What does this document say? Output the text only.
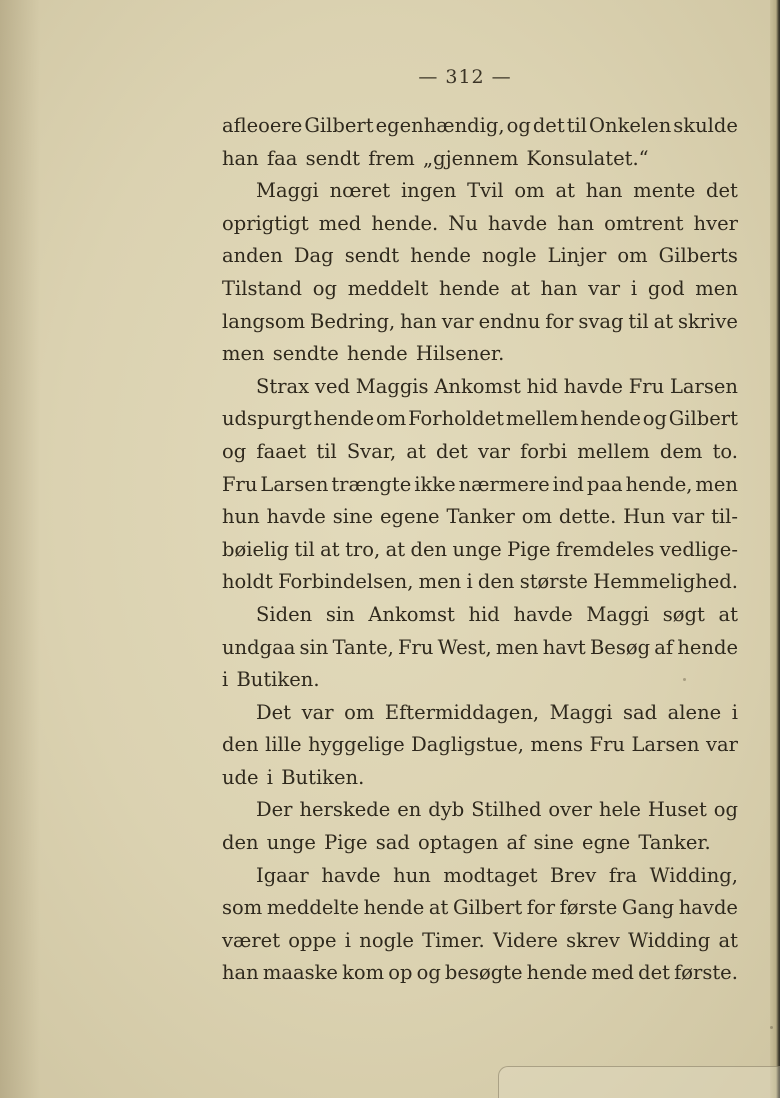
— 312 —
afleoere Gilbert egenhændig, og det til Onkelen skulde
han faa sendt frem „gjennem Konsulatet.“
Maggi nœret ingen Tvil om at han mente det
oprigtigt med hende. Nu havde han omtrent hver
anden Dag sendt hende nogle Linjer om Gilberts
Tilstand og meddelt hende at han var i god men
langsom Bedring, han var endnu for svag til at skrive
men sendte hende Hilsener.
Strax ved Maggis Ankomst hid havde Fru Larsen
udspurgt hende om Forholdet mellem hende og Gilbert
og faaet til Svar, at det var forbi mellem dem to.
Fru Larsen trængte ikke nærmere ind paa hende, men
hun havde sine egene Tanker om dette. Hun var til-
bøielig til at tro, at den unge Pige fremdeles vedlige-
holdt Forbindelsen, men i den største Hemmelighed.
Siden sin Ankomst hid havde Maggi søgt at
undgaa sin Tante, Fru West, men havt Besøg af hende
i Butiken.
Det var om Eftermiddagen, Maggi sad alene i
den lille hyggelige Dagligstue, mens Fru Larsen var
ude i Butiken.
Der herskede en dyb Stilhed over hele Huset og
den unge Pige sad optagen af sine egne Tanker.
Igaar havde hun modtaget Brev fra Widding,
som meddelte hende at Gilbert for første Gang havde
været oppe i nogle Timer. Videre skrev Widding at
han maaske kom op og besøgte hende med det første.
